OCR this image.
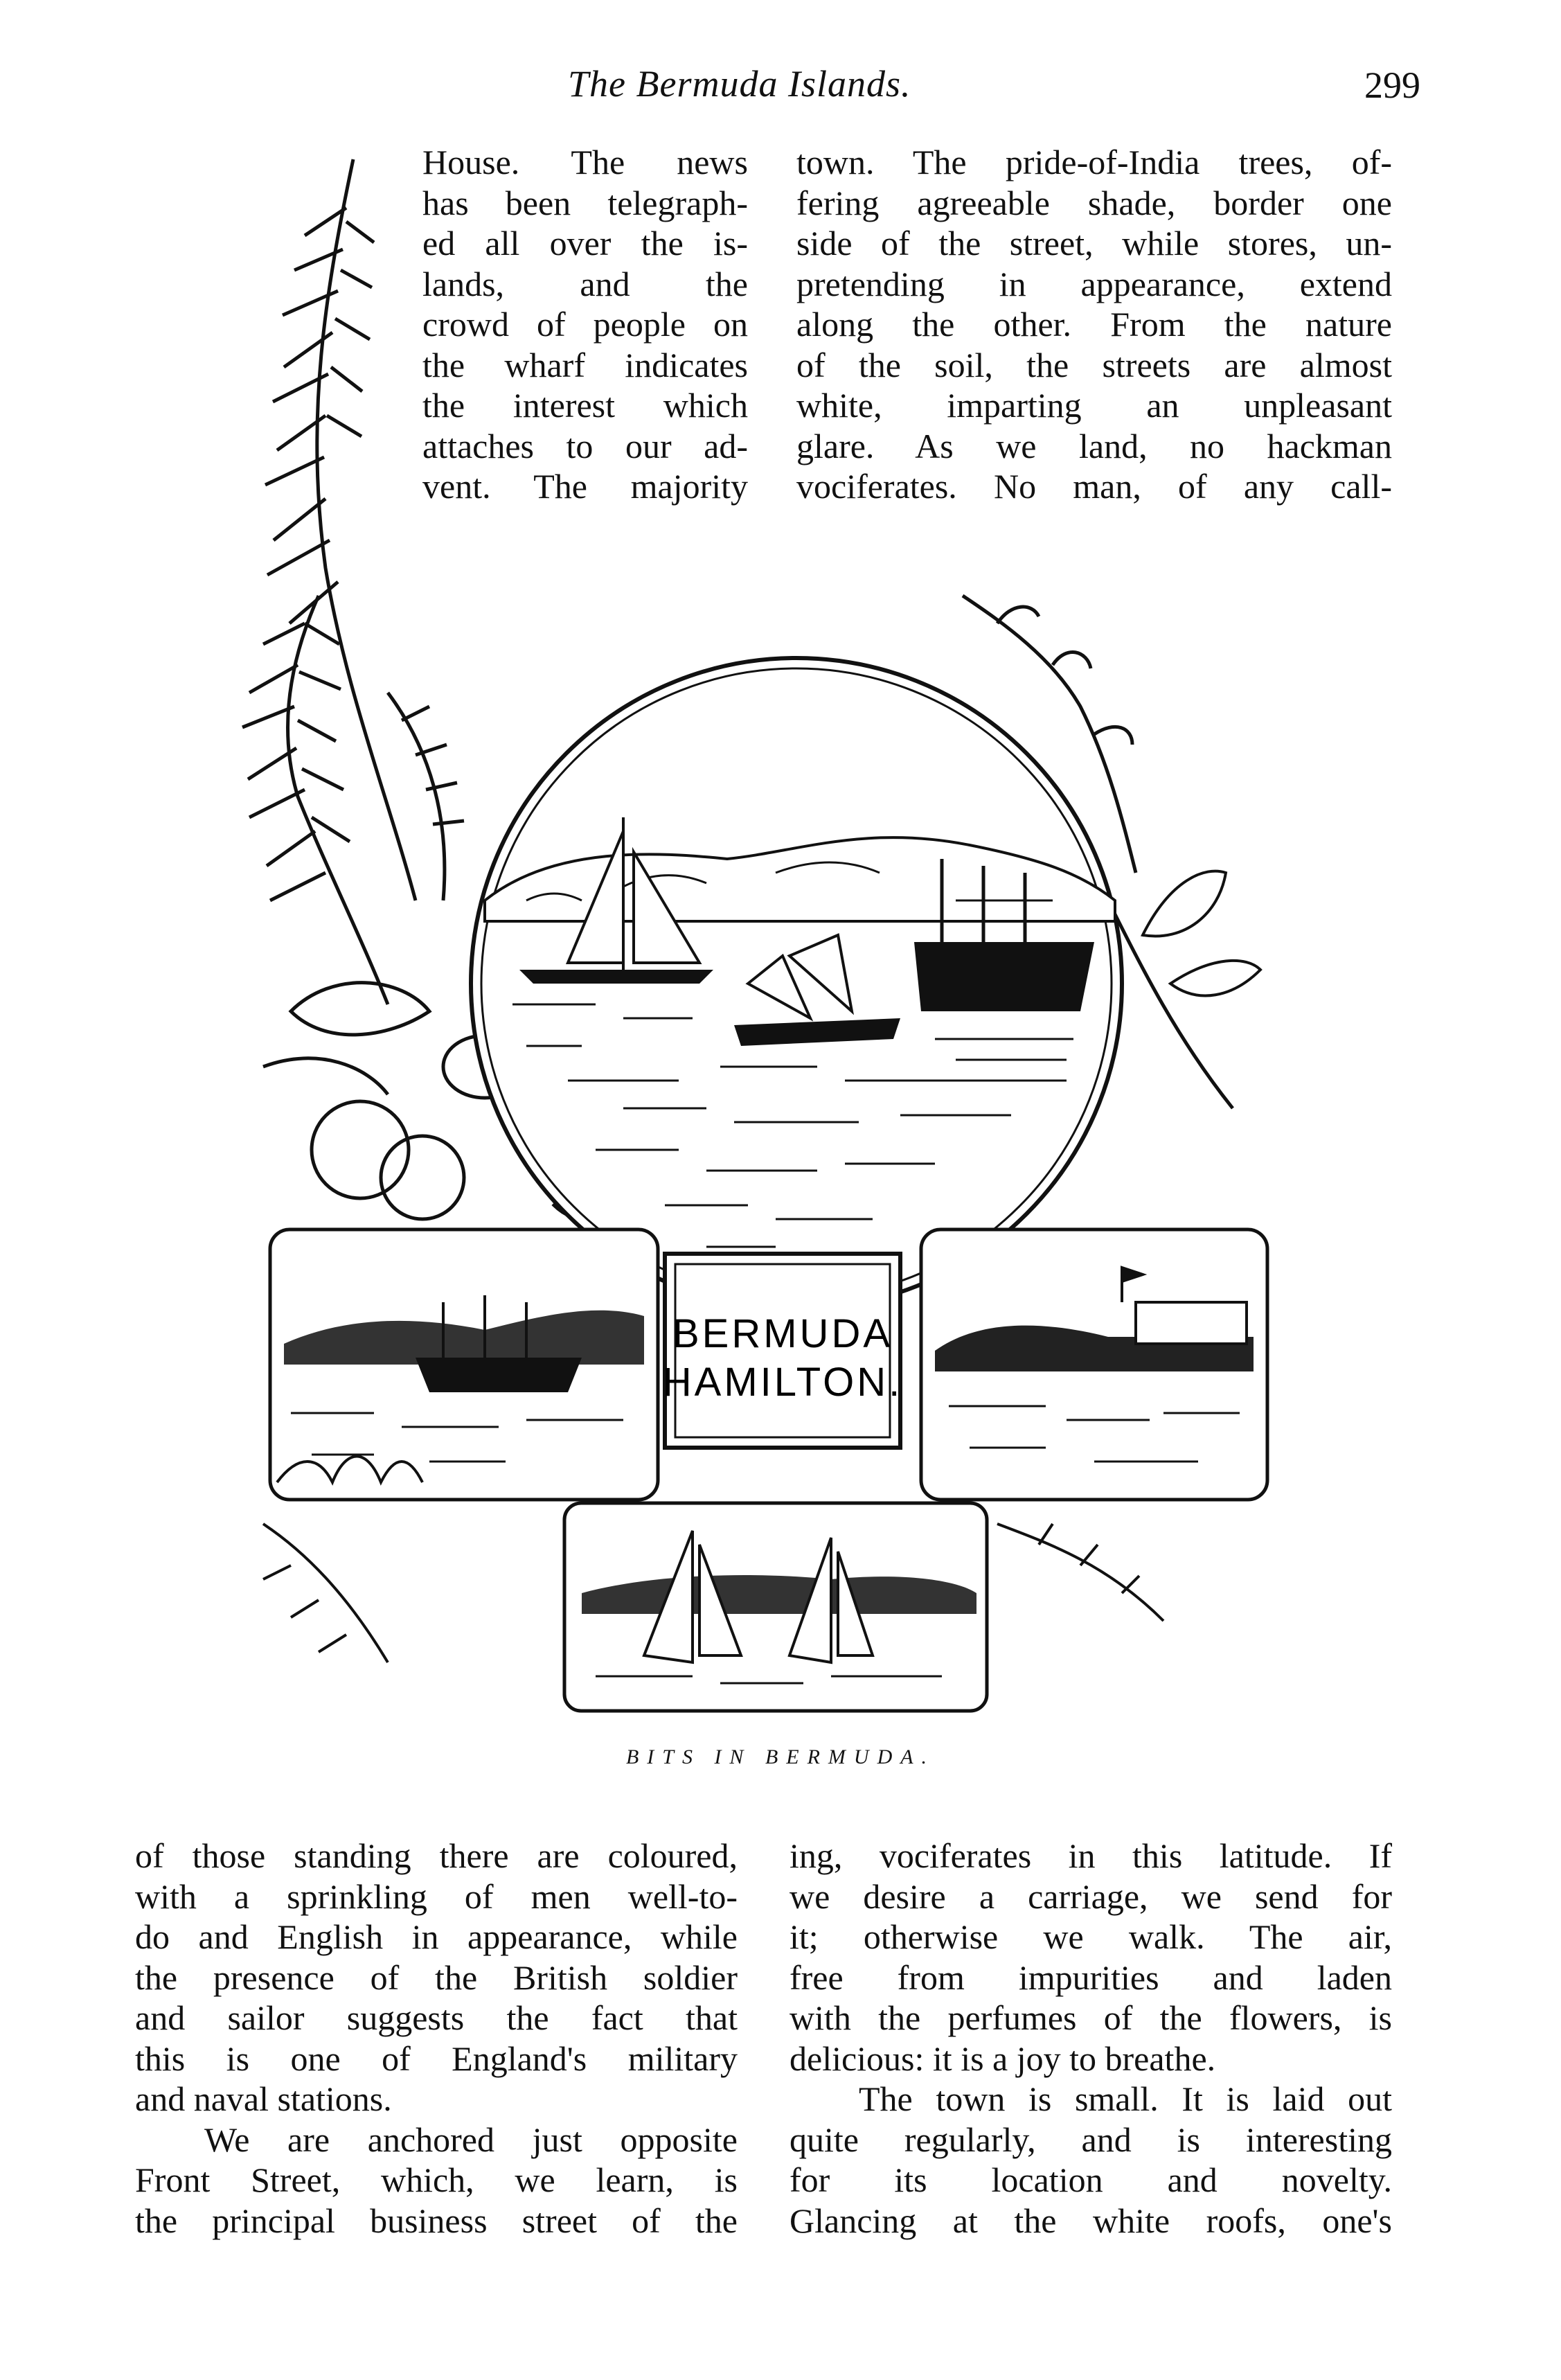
The Bermuda Islands.	299
House. The news
has been telegraph-
ed all over the is-
lands, and the
crowd of people on
the wharf indicates
the interest which
attaches to our ad-
vent. The majority
town. The pride-of-India trees, of-
fering agreeable shade, border one
side of the street, while stores, un-
pretending in appearance, extend
along the other. From the nature
of the soil, the streets are almost
white, imparting an unpleasant
glare. As we land, no hackman
vociferates. No man, of any call-
BERMUDA
HAMILTON.
BITS IN BERMUDA.
of those standing there are coloured,
with a sprinkling of men well-to-
do and English in appearance, while
the presence of the British soldier
and sailor suggests the fact that
this is one of England's military
and naval stations.
We are anchored just opposite
Front Street, which, we learn, is
the principal business street of the
ing, vociferates in this latitude. If
we desire a carriage, we send for
it; otherwise we walk. The air,
free from impurities and laden
with the perfumes of the flowers, is
delicious: it is a joy to breathe.
The town is small. It is laid out
quite regularly, and is interesting
for its location and novelty.
Glancing at the white roofs, one's
